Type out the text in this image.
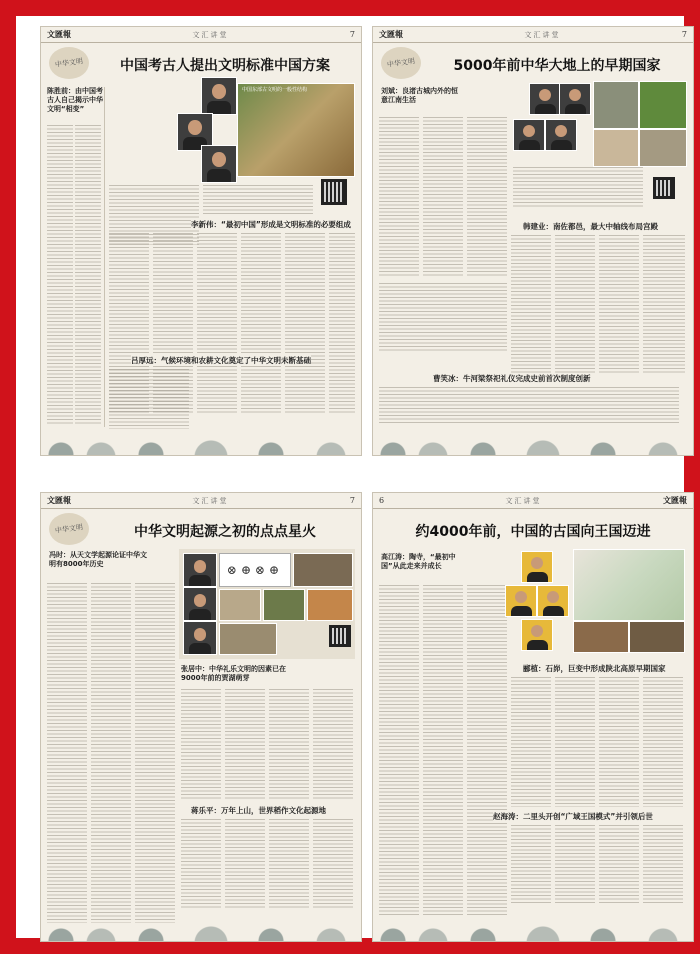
文匯報	文汇讲堂	7
中华文明	中国考古人提出文明标准中国方案
陈胜前：由中国考古人自己揭示中华文明“相变”
中国东部古文明的一般性结构
李新伟：“最初中国”形成是文明标准的必要组成
吕厚远：气候环境和农耕文化奠定了中华文明未断基础
文匯報	文汇讲堂	7
中华文明	5000年前中华大地上的早期国家
刘斌：良渚古城内外的恒意江南生活
韩建业：南佐都邑，最大中轴线布局宫殿
曹笑冰：牛河梁祭祀礼仪完成史前首次制度创新
文匯報	文汇讲堂	7
中华文明	中华文明起源之初的点点星火
冯时：从天文学起源论证中华文明有8000年历史	⊗⊕⊗⊕
张居中：中华礼乐文明的因素已在9000年前的贾湖萌芽
蒋乐平：万年上山，世界稻作文化起源地
6	文汇讲堂	文匯報
约4000年前，中国的古国向王国迈进
高江涛：陶寺，“最初中国”从此走来并成长
郦植：石峁，巨变中形成陕北高原早期国家
赵海涛：二里头开创“广域王国模式”并引领后世
